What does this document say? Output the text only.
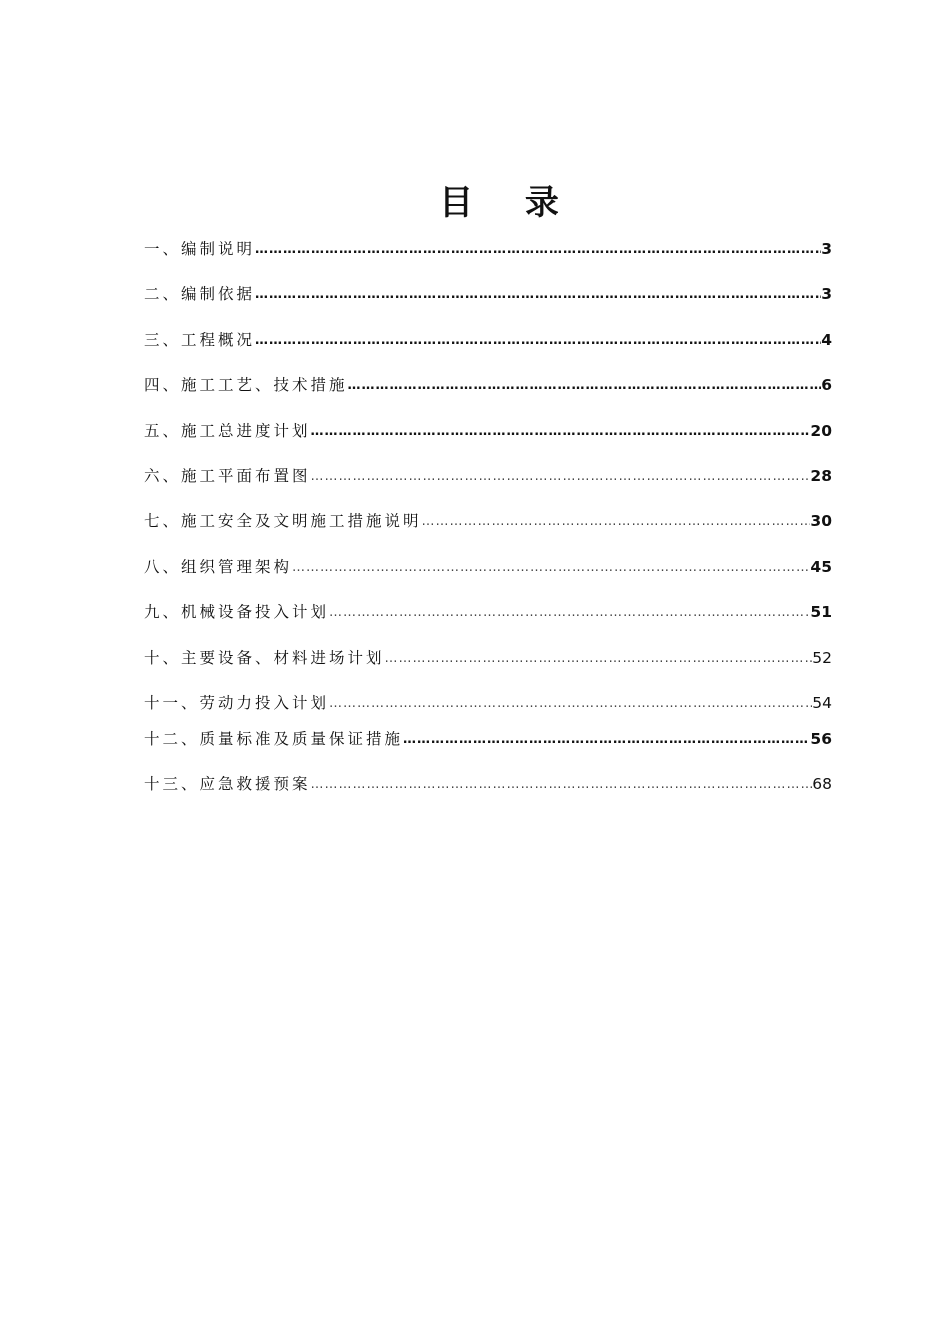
目 录
一、编制说明 …………………………………………………………………………………………………………………………………………………	3
二、编制依据 …………………………………………………………………………………………………………………………………………………	3
三、工程概况 …………………………………………………………………………………………………………………………………………………	4
四、施工工艺、技术措施 …………………………………………………………………………………………………………………………………………………	6
五、施工总进度计划 …………………………………………………………………………………………………………………………………………………	20
六、施工平面布置图 …………………………………………………………………………………………………………………………………………………	28
七、施工安全及文明施工措施说明 …………………………………………………………………………………………………………………………………………………	30
八、组织管理架构 …………………………………………………………………………………………………………………………………………………	45
九、机械设备投入计划 …………………………………………………………………………………………………………………………………………………	51
十、主要设备、材料进场计划 …………………………………………………………………………………………………………………………………………………	52
十一、劳动力投入计划 …………………………………………………………………………………………………………………………………………………	54
十二、质量标准及质量保证措施 …………………………………………………………………………………………………………………………………………………	56
十三、应急救援预案 …………………………………………………………………………………………………………………………………………………	68
